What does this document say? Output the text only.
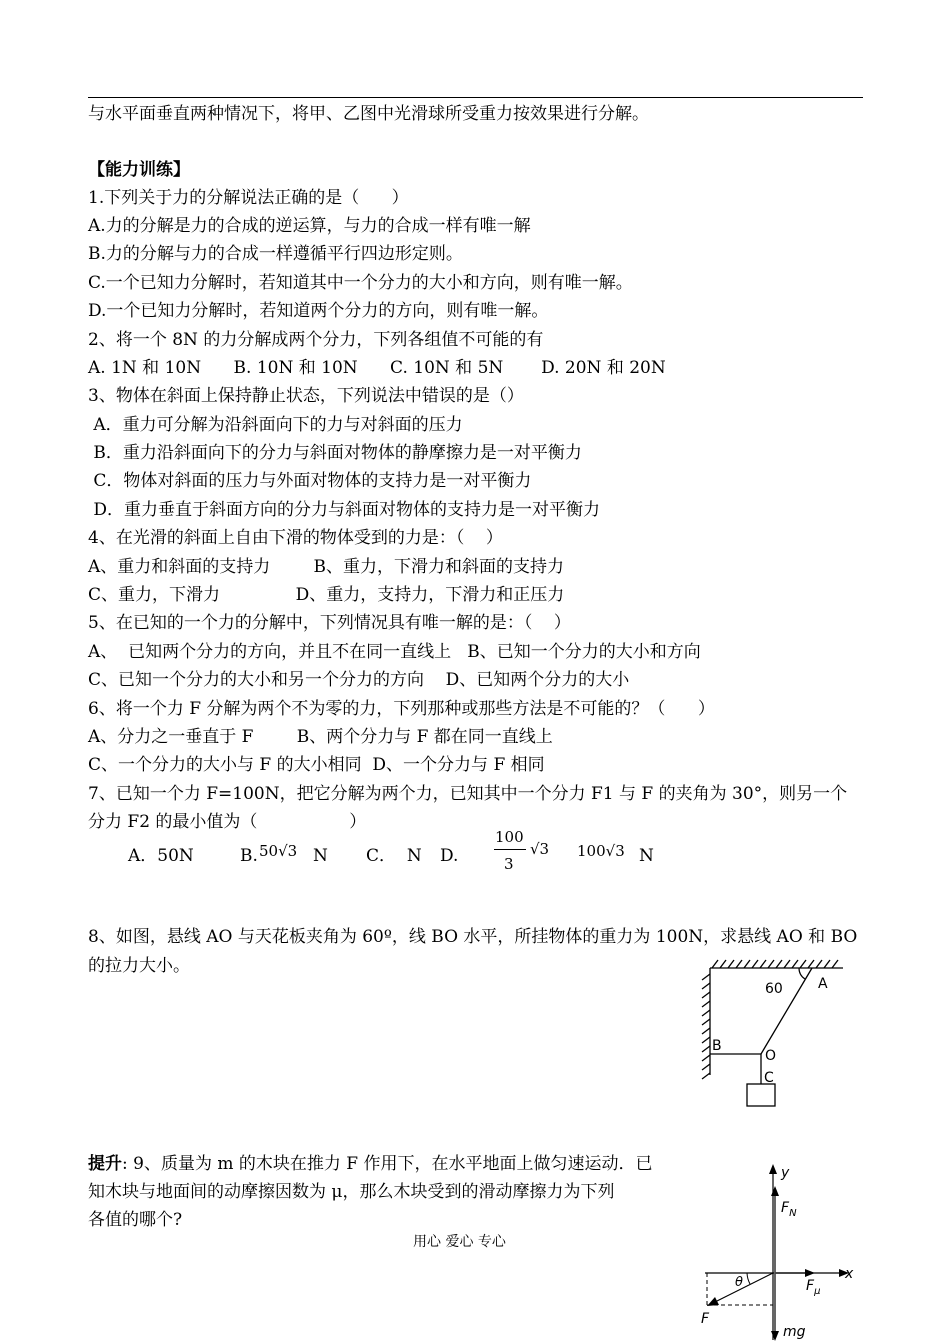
与水平面垂直两种情况下，将甲、乙图中光滑球所受重力按效果进行分解。
【能力训练】
1.下列关于力的分解说法正确的是（      ）
A.力的分解是力的合成的逆运算，与力的合成一样有唯一解
B.力的分解与力的合成一样遵循平行四边形定则。
C.一个已知力分解时，若知道其中一个分力的大小和方向，则有唯一解。
D.一个已知力分解时，若知道两个分力的方向，则有唯一解。
2、将一个 8N 的力分解成两个分力，下列各组值不可能的有
A. 1N 和 10N      B. 10N 和 10N      C. 10N 和 5N       D. 20N 和 20N
3、物体在斜面上保持静止状态，下列说法中错误的是（）
A．重力可分解为沿斜面向下的力与对斜面的压力
B．重力沿斜面向下的分力与斜面对物体的静摩擦力是一对平衡力
C．物体对斜面的压力与外面对物体的支持力是一对平衡力
D．重力垂直于斜面方向的分力与斜面对物体的支持力是一对平衡力
4、在光滑的斜面上自由下滑的物体受到的力是：（    ）
A、重力和斜面的支持力        B、重力，下滑力和斜面的支持力
C、重力，下滑力              D、重力，支持力，下滑力和正压力
5、在已知的一个力的分解中，下列情况具有唯一解的是：（    ）
A、  已知两个分力的方向，并且不在同一直线上   B、已知一个分力的大小和方向
C、已知一个分力的大小和另一个分力的方向    D、已知两个分力的大小
6、将一个力 F 分解为两个不为零的力，下列那种或那些方法是不可能的？（      ）
A、分力之一垂直于 F        B、两个分力与 F 都在同一直线上
C、一个分力的大小与 F 的大小相同  D、一个分力与 F 相同
7、已知一个力 F=100N，把它分解为两个力，已知其中一个分力 F1 与 F 的夹角为 30°，则另一个
分力 F2 的最小值为（                 ）
A．50N	B. 50√3 N C．  N D.
100
3
√3 100√3 N
8、如图，悬线 AO 与天花板夹角为 60º，线 BO 水平，所挂物体的重力为 100N，求悬线 AO 和 BO
的拉力大小。
60	A
B
O
C
提升: 9、质量为 m 的木块在推力 F 作用下，在水平地面上做匀速运动．已
知木块与地面间的动摩擦因数为 μ，那么木块受到的滑动摩擦力为下列
各值的哪个?
y
$F_N$
x
$F_\mu$
θ
F
mg
用心 爱心 专心
